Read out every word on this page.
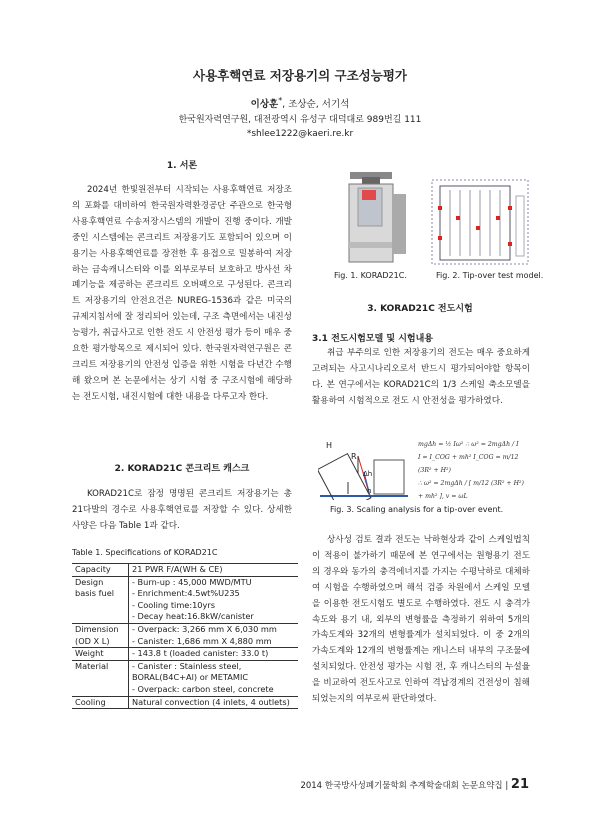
사용후핵연료 저장용기의 구조성능평가
이상훈*, 조상순, 서기석
한국원자력연구원, 대전광역시 유성구 대덕대로 989번길 111
*shlee1222@kaeri.re.kr
1. 서론
2024년 한빛원전부터 시작되는 사용후핵연료 저장조의 포화를 대비하여 한국원자력환경공단 주관으로 한국형 사용후핵연료 수송저장시스템의 개발이 진행 중이다. 개발 중인 시스템에는 콘크리트 저장용기도 포함되어 있으며 이 용기는 사용후핵연료를 장전한 후 용접으로 밀봉하여 저장하는 금속캐니스터와 이를 외부로부터 보호하고 방사선 차폐기능을 제공하는 콘크리트 오버팩으로 구성된다. 콘크리트 저장용기의 안전요건은 NUREG-1536과 같은 미국의 규제지침서에 잘 정리되어 있는데, 구조 측면에서는 내진성능평가, 취급사고로 인한 전도 시 안전성 평가 등이 매우 중요한 평가항목으로 제시되어 있다. 한국원자력연구원은 콘크리트 저장용기의 안전성 입증을 위한 시험을 다년간 수행해 왔으며 본 논문에서는 상기 시험 중 구조시험에 해당하는 전도시험, 내진시험에 대한 내용을 다루고자 한다.
2. KORAD21C 콘크리트 캐스크
KORAD21C로 잠정 명명된 콘크리트 저장용기는 총 21다발의 경수로 사용후핵연료를 저장할 수 있다. 상세한 사양은 다음 Table 1과 같다.
Table 1. Specifications of KORAD21C
Capacity	21 PWR F/A(WH & CE)
Design	- Burn-up : 45,000 MWD/MTU
basis fuel	- Enrichment:4.5wt%U235
	- Cooling time:10yrs
	- Decay heat:16.8kW/canister
Dimension	- Overpack: 3,266 mm X 6,030 mm
(OD X L)	- Canister: 1,686 mm X 4,880 mm
Weight	- 143.8 t (loaded canister: 33.0 t)
Material	- Canister : Stainless steel,
	BORAL(B4C+Al) or METAMIC
	- Overpack: carbon steel, concrete
Cooling	Natural convection (4 inlets, 4 outlets)
Fig. 1. KORAD21C.	Fig. 2. Tip-over test model.
3. KORAD21C 전도시험
3.1 전도시험모델 및 시험내용
취급 부주의로 인한 저장용기의 전도는 매우 중요하게 고려되는 사고시나리오로서 반드시 평가되어야할 항목이다. 본 연구에서는 KORAD21C의 1/3 스케일 축소모델을 활용하여 시험적으로 전도 시 안전성을 평가하였다.
H
R
Δh
h
mgΔh = ½ Iω² ∴ ω² = 2mgΔh / I
I = I_COG + mh² I_COG = m/12 (3R² + H²)
∴ ω² = 2mgΔh / [ m/12 (3R² + H²) + mh² ], v = ωL
Fig. 3. Scaling analysis for a tip-over event.
상사성 검토 결과 전도는 낙하현상과 같이 스케일법칙이 적용이 불가하기 때문에 본 연구에서는 원형용기 전도의 경우와 동가의 충격에너지를 가지는 수평낙하로 대체하여 시험을 수행하였으며 해석 검증 차원에서 스케일 모델을 이용한 전도시험도 별도로 수행하였다. 전도 시 충격가속도와 용기 내, 외부의 변형률을 측정하기 위하여 5개의 가속도계와 32개의 변형률계가 설치되었다. 이 중 2개의 가속도계와 12개의 변형률계는 캐니스터 내부의 구조물에 설치되었다. 안전성 평가는 시험 전, 후 캐니스터의 누설율을 비교하여 전도사고로 인하여 격납경계의 건전성이 침해되었는지의 여부로써 판단하였다.
2014 한국방사성폐기물학회 추계학술대회 논문요약집 | 21
